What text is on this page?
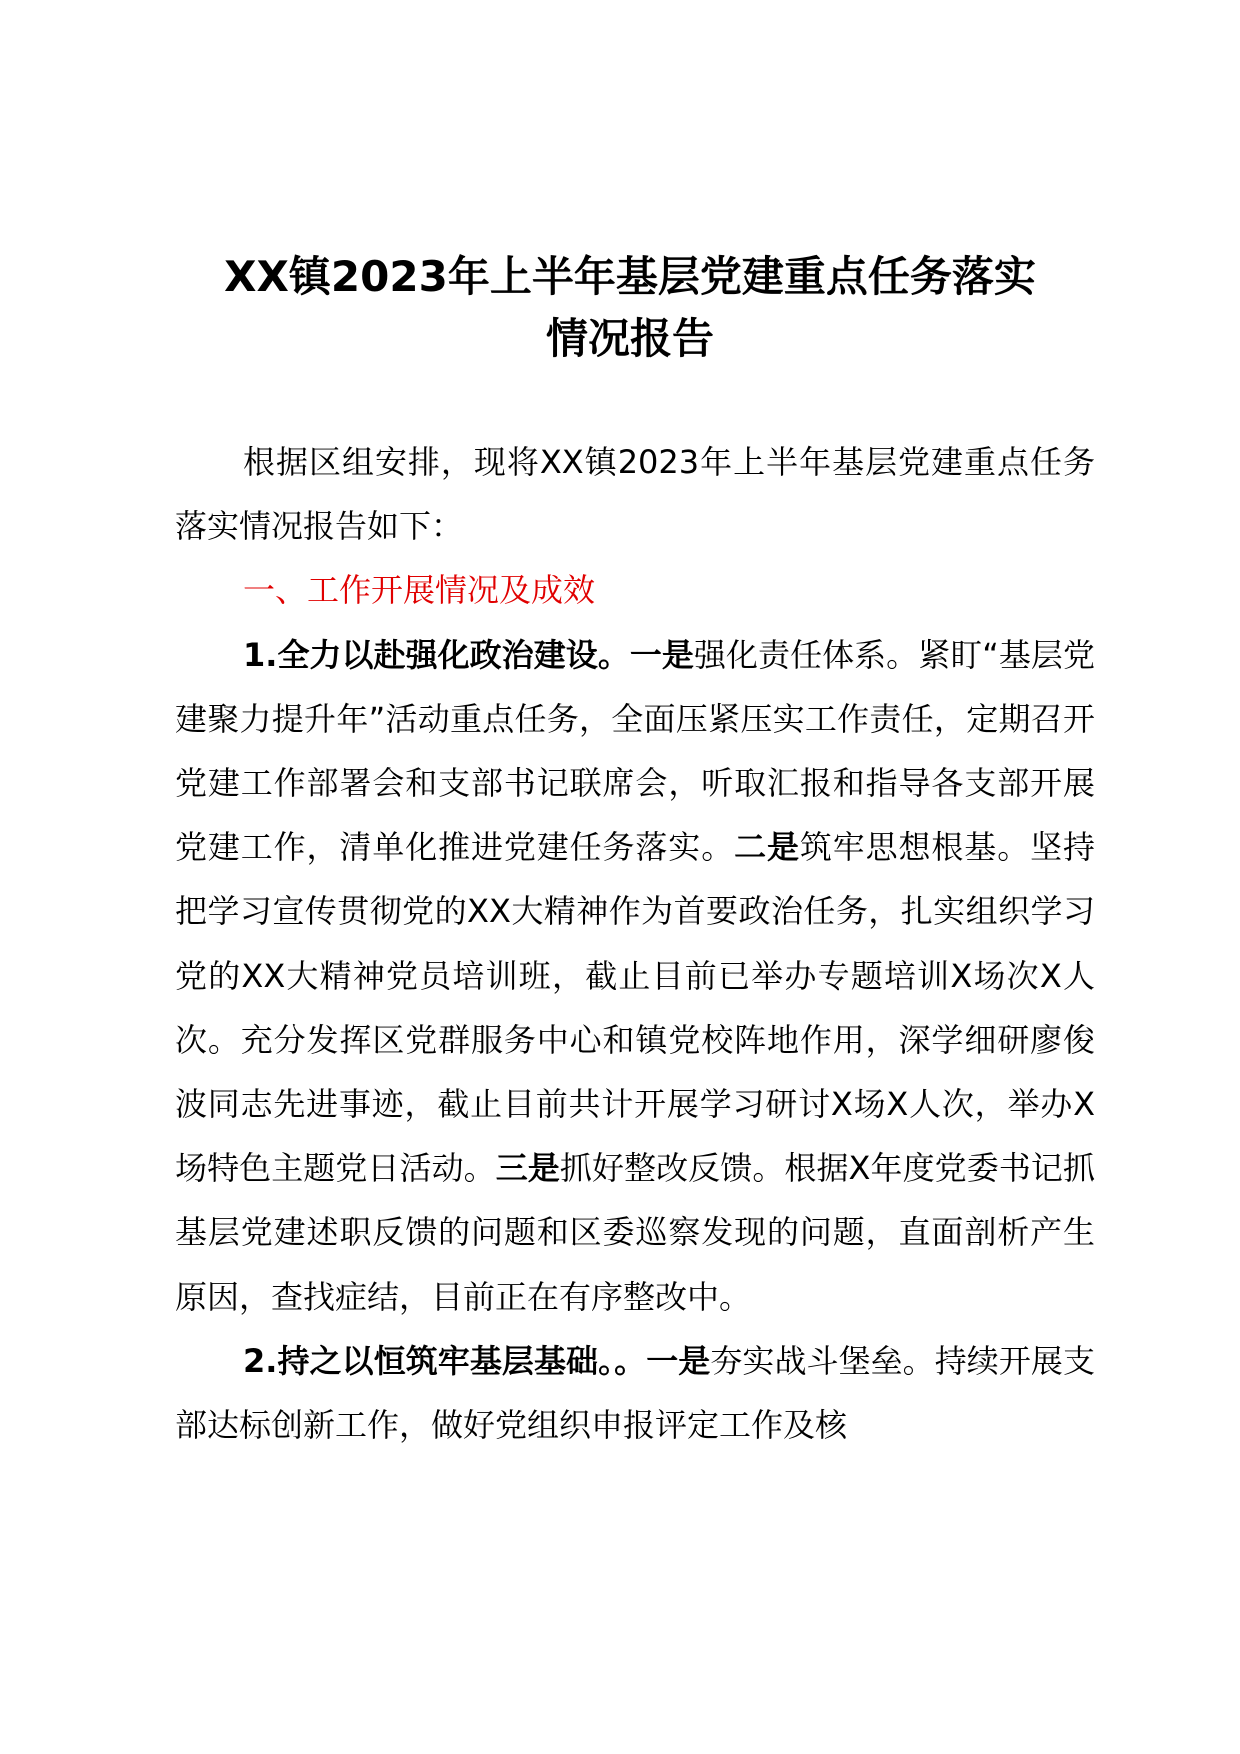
XX镇2023年上半年基层党建重点任务落实
情况报告

根据区组安排，现将XX镇2023年上半年基层党建重点任务落实情况报告如下：

一、工作开展情况及成效

1.全力以赴强化政治建设。一是强化责任体系。紧盯“基层党建聚力提升年”活动重点任务，全面压紧压实工作责任，定期召开党建工作部署会和支部书记联席会，听取汇报和指导各支部开展党建工作，清单化推进党建任务落实。二是筑牢思想根基。坚持把学习宣传贯彻党的XX大精神作为首要政治任务，扎实组织学习党的XX大精神党员培训班，截止目前已举办专题培训X场次X人次。充分发挥区党群服务中心和镇党校阵地作用，深学细研廖俊波同志先进事迹，截止目前共计开展学习研讨X场X人次，举办X场特色主题党日活动。三是抓好整改反馈。根据X年度党委书记抓基层党建述职反馈的问题和区委巡察发现的问题，直面剖析产生原因，查找症结，目前正在有序整改中。

2.持之以恒筑牢基层基础。。一是夯实战斗堡垒。持续开展支部达标创新工作，做好党组织申报评定工作及核
